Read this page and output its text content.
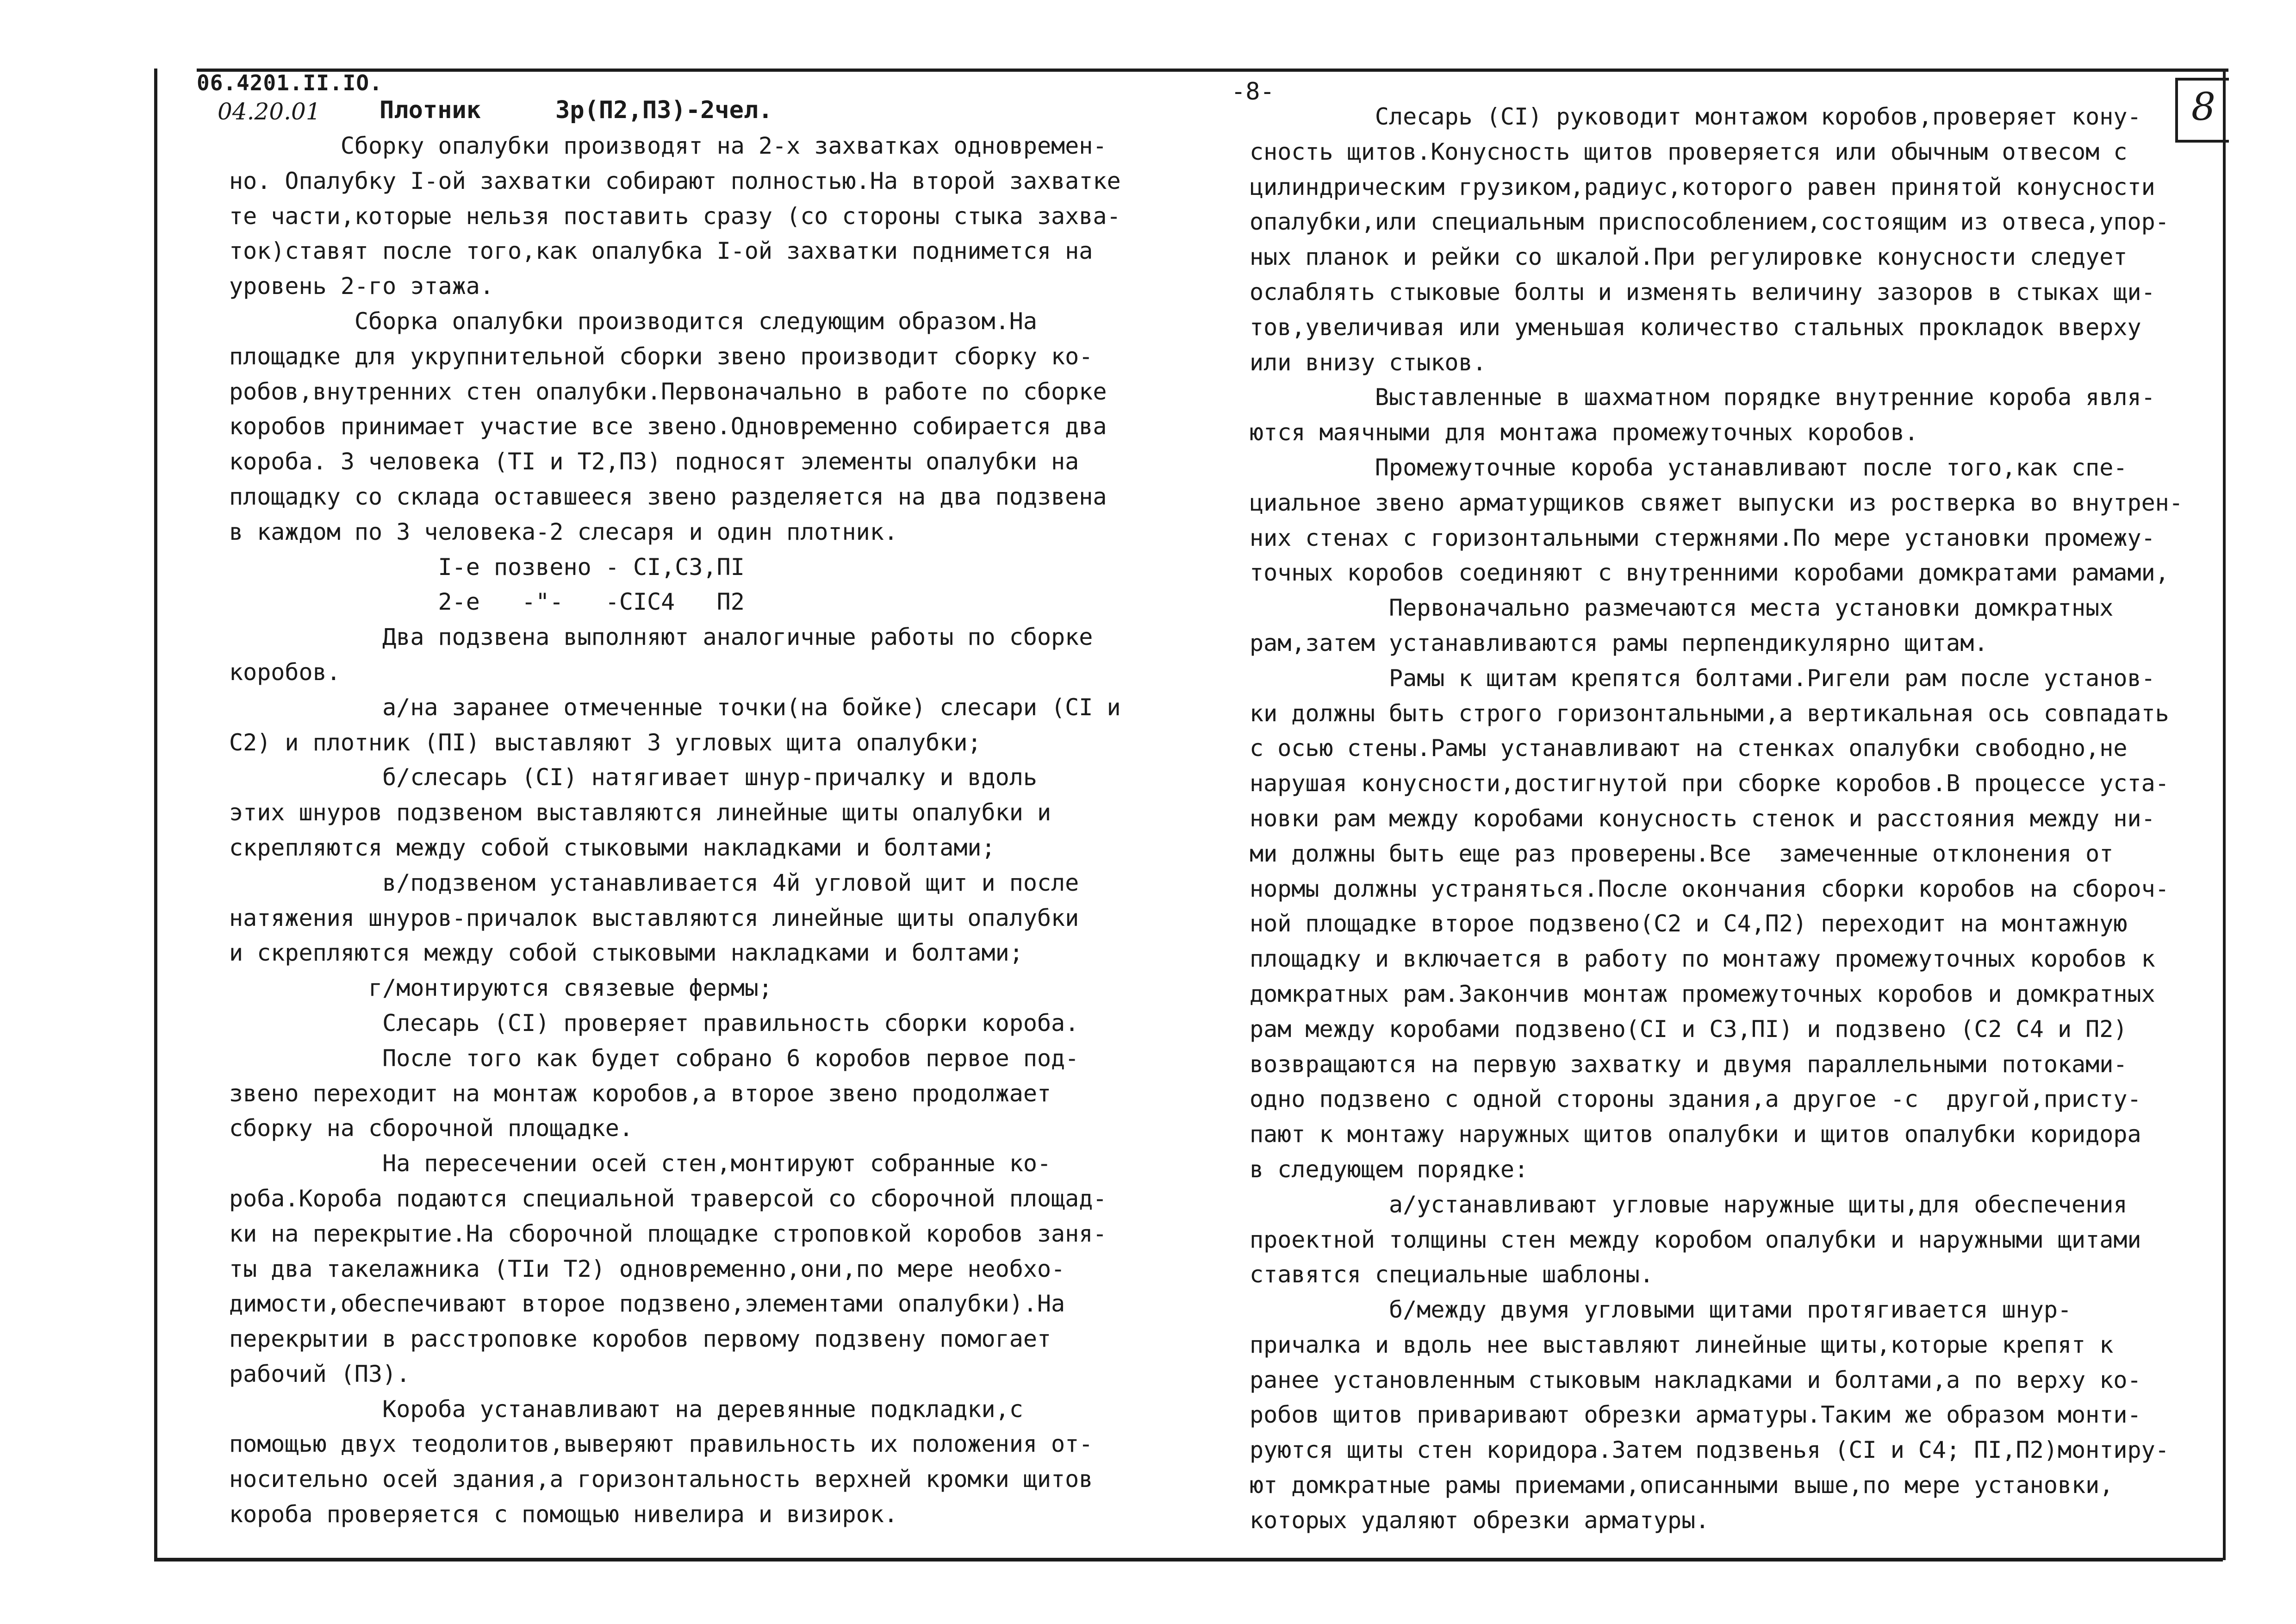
06.4201.II.IO.
04.20.01 Плотник	3р(П2,П3)-2чел.
-8-	8
Сборку опалубки производят на 2-х захватках одновремен-
но. Опалубку I-ой захватки собирают полностью.На второй захватке
те части,которые нельзя поставить сразу (со стороны стыка захва-
ток)ставят после того,как опалубка I-ой захватки поднимется на
уровень 2-го этажа.
Сборка опалубки производится следующим образом.На
площадке для укрупнительной сборки звено производит сборку ко-
робов,внутренних стен опалубки.Первоначально в работе по сборке
коробов принимает участие все звено.Одновременно собирается два
короба. 3 человека (ТI и Т2,П3) подносят элементы опалубки на
площадку со склада оставшееся звено разделяется на два подзвена
в каждом по 3 человека-2 слесаря и один плотник.
I-е позвено - СI,С3,ПI
2-е   -"-   -СIС4   П2
Два подзвена выполняют аналогичные работы по сборке
коробов.
а/на заранее отмеченные точки(на бойке) слесари (СI и
С2) и плотник (ПI) выставляют 3 угловых щита опалубки;
б/слесарь (СI) натягивает шнур-причалку и вдоль
этих шнуров подзвеном выставляются линейные щиты опалубки и
скрепляются между собой стыковыми накладками и болтами;
в/подзвеном устанавливается 4й угловой щит и после
натяжения шнуров-причалок выставляются линейные щиты опалубки
и скрепляются между собой стыковыми накладками и болтами;
г/монтируются связевые фермы;
Слесарь (СI) проверяет правильность сборки короба.
После того как будет собрано 6 коробов первое под-
звено переходит на монтаж коробов,а второе звено продолжает
сборку на сборочной площадке.
На пересечении осей стен,монтируют собранные ко-
роба.Короба подаются специальной траверсой со сборочной площад-
ки на перекрытие.На сборочной площадке строповкой коробов заня-
ты два такелажника (ТIи Т2) одновременно,они,по мере необхо-
димости,обеспечивают второе подзвено,элементами опалубки).На
перекрытии в расстроповке коробов первому подзвену помогает
рабочий (П3).
Короба устанавливают на деревянные подкладки,с
помощью двух теодолитов,выверяют правильность их положения от-
носительно осей здания,а горизонтальность верхней кромки щитов
короба проверяется с помощью нивелира и визирок.
Слесарь (СI) руководит монтажом коробов,проверяет кону-
сность щитов.Конусность щитов проверяется или обычным отвесом с
цилиндрическим грузиком,радиус,которого равен принятой конусности
опалубки,или специальным приспособлением,состоящим из отвеса,упор-
ных планок и рейки со шкалой.При регулировке конусности следует
ослаблять стыковые болты и изменять величину зазоров в стыках щи-
тов,увеличивая или уменьшая количество стальных прокладок вверху
или внизу стыков.
Выставленные в шахматном порядке внутренние короба явля-
ются маячными для монтажа промежуточных коробов.
Промежуточные короба устанавливают после того,как спе-
циальное звено арматурщиков свяжет выпуски из ростверка во внутрен-
них стенах с горизонтальными стержнями.По мере установки промежу-
точных коробов соединяют с внутренними коробами домкратами рамами,
Первоначально размечаются места установки домкратных
рам,затем устанавливаются рамы перпендикулярно щитам.
Рамы к щитам крепятся болтами.Ригели рам после установ-
ки должны быть строго горизонтальными,а вертикальная ось совпадать
с осью стены.Рамы устанавливают на стенках опалубки свободно,не
нарушая конусности,достигнутой при сборке коробов.В процессе уста-
новки рам между коробами конусность стенок и расстояния между ни-
ми должны быть еще раз проверены.Все  замеченные отклонения от
нормы должны устраняться.После окончания сборки коробов на сбороч-
ной площадке второе подзвено(С2 и С4,П2) переходит на монтажную
площадку и включается в работу по монтажу промежуточных коробов к
домкратных рам.Закончив монтаж промежуточных коробов и домкратных
рам между коробами подзвено(СI и С3,ПI) и подзвено (С2 С4 и П2)
возвращаются на первую захватку и двумя параллельными потоками-
одно подзвено с одной стороны здания,а другое -с  другой,присту-
пают к монтажу наружных щитов опалубки и щитов опалубки коридора
в следующем порядке:
а/устанавливают угловые наружные щиты,для обеспечения
проектной толщины стен между коробом опалубки и наружными щитами
ставятся специальные шаблоны.
б/между двумя угловыми щитами протягивается шнур-
причалка и вдоль нее выставляют линейные щиты,которые крепят к
ранее установленным стыковым накладками и болтами,а по верху ко-
робов щитов приваривают обрезки арматуры.Таким же образом монти-
руются щиты стен коридора.Затем подзвенья (СI и С4; ПI,П2)монтиру-
ют домкратные рамы приемами,описанными выше,по мере установки,
которых удаляют обрезки арматуры.
